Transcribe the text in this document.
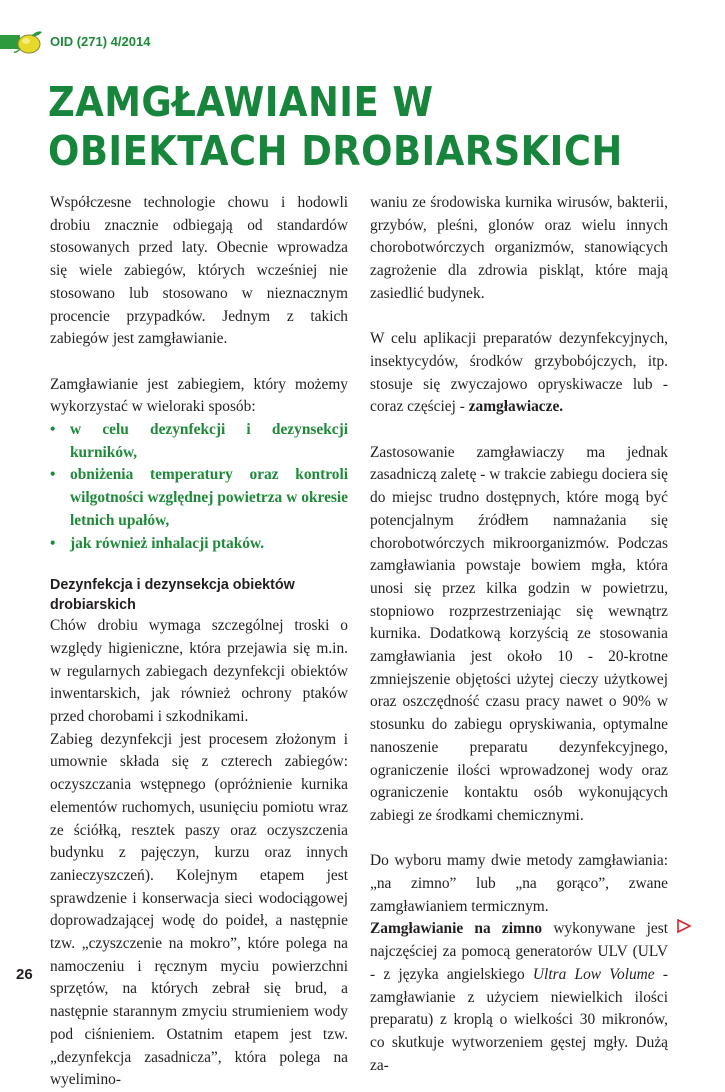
OID (271) 4/2014
ZAMGŁAWIANIE W OBIEKTACH DROBIARSKICH

Współczesne technologie chowu i hodowli drobiu znacznie odbiegają od standardów stosowanych przed laty. Obecnie wprowadza się wiele zabiegów, których wcześniej nie stosowano lub stosowano w nieznacznym procencie przypadków. Jednym z takich zabiegów jest zamgławianie.

Zamgławianie jest zabiegiem, który możemy wykorzystać w wieloraki sposób:

• w celu dezynfekcji i dezynsekcji kurników,
• obniżenia temperatury oraz kontroli wilgotności względnej powietrza w okresie letnich upałów,
• jak również inhalacji ptaków.

Dezynfekcja i dezynsekcja obiektów drobiarskich

Chów drobiu wymaga szczególnej troski o względy higieniczne, która przejawia się m.in. w regularnych zabiegach dezynfekcji obiektów inwentarskich, jak również ochrony ptaków przed chorobami i szkodnikami.

Zabieg dezynfekcji jest procesem złożonym i umownie składa się z czterech zabiegów: oczyszczania wstępnego (opróżnienie kurnika elementów ruchomych, usunięciu pomiotu wraz ze ściółką, resztek paszy oraz oczyszczenia budynku z pajęczyn, kurzu oraz innych zanieczyszczeń). Kolejnym etapem jest sprawdzenie i konserwacja sieci wodociągowej doprowadzającej wodę do poideł, a następnie tzw. „czyszczenie na mokro”, które polega na namoczeniu i ręcznym myciu powierzchni sprzętów, na których zebrał się brud, a następnie starannym zmyciu strumieniem wody pod ciśnieniem. Ostatnim etapem jest tzw. „dezynfekcja zasadnicza”, która polega na wyelimino-

waniu ze środowiska kurnika wirusów, bakterii, grzybów, pleśni, glonów oraz wielu innych chorobotwórczych organizmów, stanowiących zagrożenie dla zdrowia piskląt, które mają zasiedlić budynek.

W celu aplikacji preparatów dezynfekcyjnych, insektycydów, środków grzybobójczych, itp. stosuje się zwyczajowo opryskiwacze lub - coraz częściej - zamgławiacze.

Zastosowanie zamgławiaczy ma jednak zasadniczą zaletę - w trakcie zabiegu dociera się do miejsc trudno dostępnych, które mogą być potencjalnym źródłem namnażania się chorobotwórczych mikroorganizmów. Podczas zamgławiania powstaje bowiem mgła, która unosi się przez kilka godzin w powietrzu, stopniowo rozprzestrzeniając się wewnątrz kurnika. Dodatkową korzyścią ze stosowania zamgławiania jest około 10 - 20-krotne zmniejszenie objętości użytej cieczy użytkowej oraz oszczędność czasu pracy nawet o 90% w stosunku do zabiegu opryskiwania, optymalne nanoszenie preparatu dezynfekcyjnego, ograniczenie ilości wprowadzonej wody oraz ograniczenie kontaktu osób wykonujących zabiegi ze środkami chemicznymi.

Do wyboru mamy dwie metody zamgławiania: „na zimno” lub „na gorąco”, zwane zamgławianiem termicznym.

Zamgławianie na zimno wykonywane jest najczęściej za pomocą generatorów ULV (ULV - z języka angielskiego Ultra Low Volume - zamgławianie z użyciem niewielkich ilości preparatu) z kroplą o wielkości 30 mikronów, co skutkuje wytworzeniem gęstej mgły. Dużą za-

26
